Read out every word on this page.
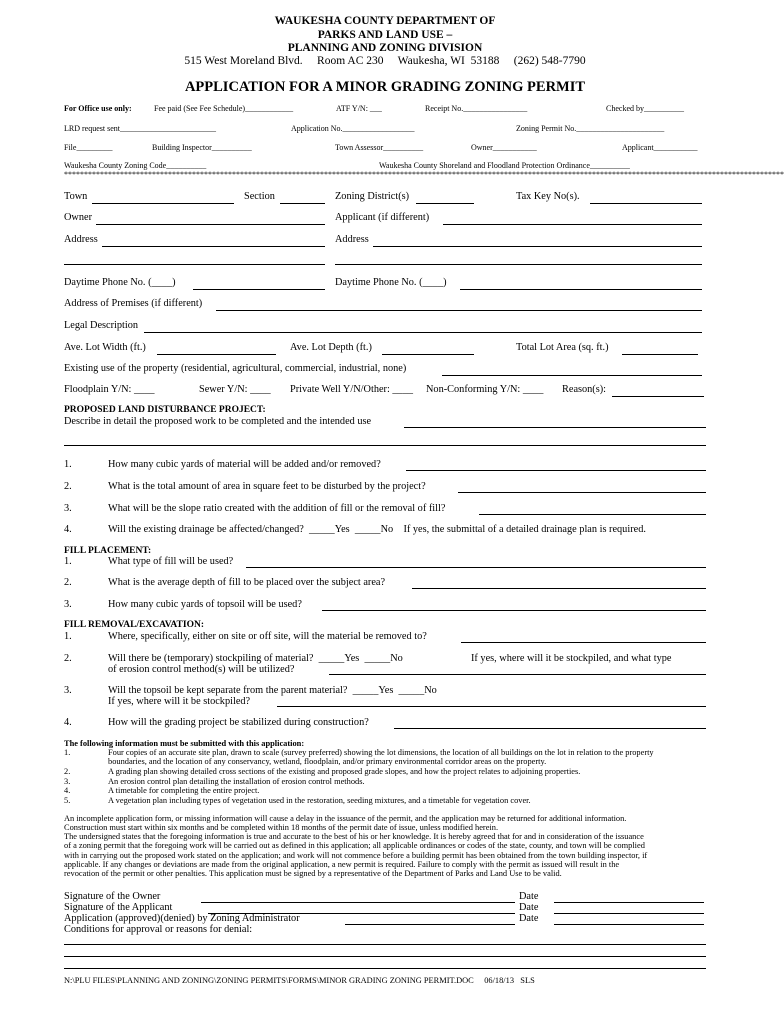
WAUKESHA COUNTY DEPARTMENT OF
PARKS AND LAND USE –
PLANNING AND ZONING DIVISION
515 West Moreland Blvd.     Room AC 230     Waukesha, WI  53188     (262) 548-7790
APPLICATION FOR A MINOR GRADING ZONING PERMIT
For Office use only:	Fee paid (See Fee Schedule)____________	ATF Y/N: ___	Receipt No.________________	Checked by__________
LRD request sent________________________	Application No.__________________	Zoning Permit No.______________________
File_________	Building Inspector__________	Town Assessor__________	Owner___________	Applicant___________
Waukesha County Zoning Code__________	Waukesha County Shoreland and Floodland Protection Ordinance__________
************************************************************************************************************************************************************************************
Town	Section	Zoning District(s)	Tax Key No(s).
Owner	Applicant (if different)
Address	Address
Daytime Phone No. (____)	Daytime Phone No. (____)
Address of Premises (if different)
Legal Description
Ave. Lot Width (ft.)	Ave. Lot Depth (ft.)	Total Lot Area (sq. ft.)
Existing use of the property (residential, agricultural, commercial, industrial, none)
Floodplain Y/N: ____	Sewer Y/N: ____ Private Well Y/N/Other: ____ Non-Conforming Y/N: ____ Reason(s):
PROPOSED LAND DISTURBANCE PROJECT:
Describe in detail the proposed work to be completed and the intended use
1.	How many cubic yards of material will be added and/or removed?
2.	What is the total amount of area in square feet to be disturbed by the project?
3.	What will be the slope ratio created with the addition of fill or the removal of fill?
4.	Will the existing drainage be affected/changed?  _____Yes  _____No    If yes, the submittal of a detailed drainage plan is required.
FILL PLACEMENT:
1.	What type of fill will be used?
2.	What is the average depth of fill to be placed over the subject area?
3.	How many cubic yards of topsoil will be used?
FILL REMOVAL/EXCAVATION:
1.	Where, specifically, either on site or off site, will the material be removed to?
2.	Will there be (temporary) stockpiling of material?  _____Yes  _____No	If yes, where will it be stockpiled, and what type
of erosion control method(s) will be utilized?
3.	Will the topsoil be kept separate from the parent material?  _____Yes  _____No
If yes, where will it be stockpiled?
4.	How will the grading project be stabilized during construction?
The following information must be submitted with this application:
1.	Four copies of an accurate site plan, drawn to scale (survey preferred) showing the lot dimensions, the location of all buildings on the lot in relation to the property
boundaries, and the location of any conservancy, wetland, floodplain, and/or primary environmental corridor areas on the property.
2.	A grading plan showing detailed cross sections of the existing and proposed grade slopes, and how the project relates to adjoining properties.
3.	An erosion control plan detailing the installation of erosion control methods.
4.	A timetable for completing the entire project.
5.	A vegetation plan including types of vegetation used in the restoration, seeding mixtures, and a timetable for vegetation cover.
An incomplete application form, or missing information will cause a delay in the issuance of the permit, and the application may be returned for additional information.
Construction must start within six months and be completed within 18 months of the permit date of issue, unless modified herein.
The undersigned states that the foregoing information is true and accurate to the best of his or her knowledge. It is hereby agreed that for and in consideration of the issuance
of a zoning permit that the foregoing work will be carried out as defined in this application; all applicable ordinances or codes of the state, county, and town will be complied
with in carrying out the proposed work stated on the application; and work will not commence before a building permit has been obtained from the town building inspector, if
applicable. If any changes or deviations are made from the original application, a new permit is required. Failure to comply with the permit as issued will result in the
revocation of the permit or other penalties. This application must be signed by a representative of the Department of Parks and Land Use to be valid.
Signature of the Owner	Date
Signature of the Applicant	Date
Application (approved)(denied) by Zoning Administrator	Date
Conditions for approval or reasons for denial:
N:\PLU FILES\PLANNING AND ZONING\ZONING PERMITS\FORMS\MINOR GRADING ZONING PERMIT.DOC     06/18/13   SLS
